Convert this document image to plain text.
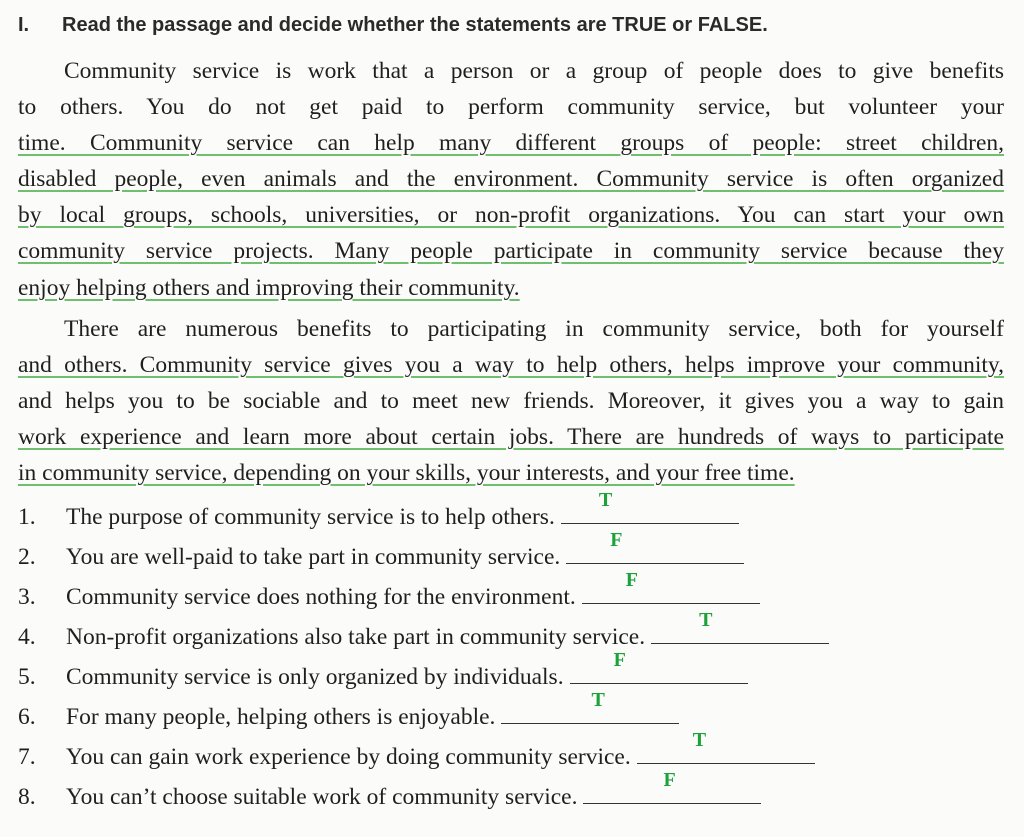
I. Read the passage and decide whether the statements are TRUE or FALSE.
Community service is work that a person or a group of people does to give benefits
to others. You do not get paid to perform community service, but volunteer your
time. Community service can help many different groups of people: street children,
disabled people, even animals and the environment. Community service is often organized
by local groups, schools, universities, or non-profit organizations. You can start your own
community service projects. Many people participate in community service because they
enjoy helping others and improving their community.
There are numerous benefits to participating in community service, both for yourself
and others. Community service gives you a way to help others, helps improve your community,
and helps you to be sociable and to meet new friends. Moreover, it gives you a way to gain
work experience and learn more about certain jobs. There are hundreds of ways to participate
in community service, depending on your skills, your interests, and your free time.
1. The purpose of community service is to help others.
T
2. You are well-paid to take part in community service.
F
3. Community service does nothing for the environment.
F
4. Non-profit organizations also take part in community service.
T
5. Community service is only organized by individuals.
F
6. For many people, helping others is enjoyable.
T
7. You can gain work experience by doing community service.
T
8. You can’t choose suitable work of community service.
F
